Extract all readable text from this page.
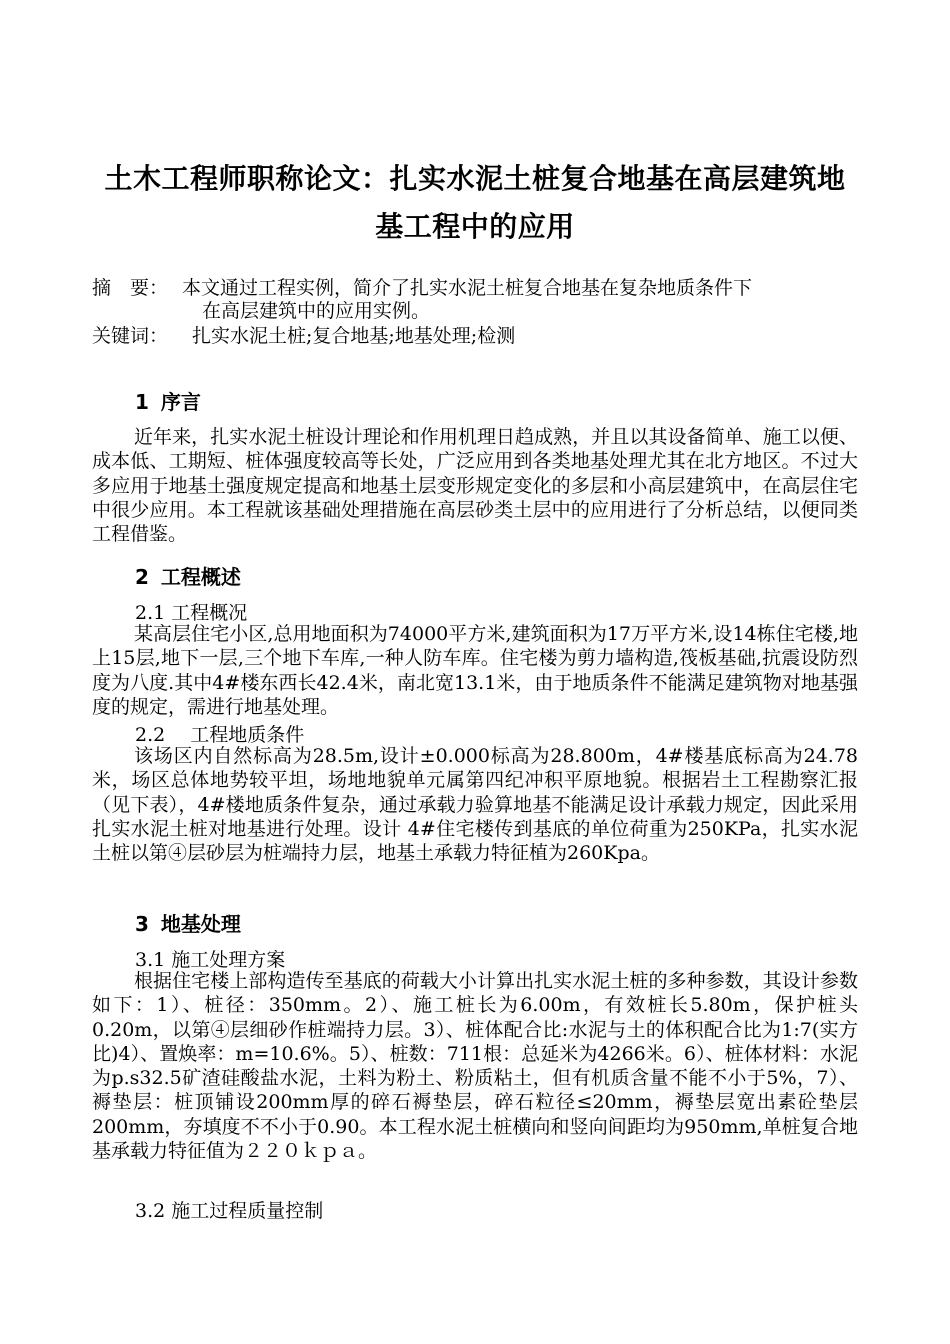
土木工程师职称论文：扎实水泥土桩复合地基在高层建筑地
基工程中的应用
摘　要： 本文通过工程实例，简介了扎实水泥土桩复合地基在复杂地质条件下
在高层建筑中的应用实例。
关键词： 扎实水泥土桩;复合地基;地基处理;检测
1 序言
近年来，扎实水泥土桩设计理论和作用机理日趋成熟，并且以其设备简单、施工以便、成本低、工期短、桩体强度较高等长处，广泛应用到各类地基处理尤其在北方地区。不过大多应用于地基土强度规定提高和地基土层变形规定变化的多层和小高层建筑中，在高层住宅中很少应用。本工程就该基础处理措施在高层砂类土层中的应用进行了分析总结，以便同类工程借鉴。
2 工程概述
2.1 工程概况
某高层住宅小区,总用地面积为74000平方米,建筑面积为17万平方米,设14栋住宅楼,地上15层,地下一层,三个地下车库,一种人防车库。住宅楼为剪力墙构造,筏板基础,抗震设防烈度为八度.其中4#楼东西长42.4米，南北宽13.1米，由于地质条件不能满足建筑物对地基强度的规定，需进行地基处理。
2.2　 工程地质条件
该场区内自然标高为28.5m,设计±0.000标高为28.800m，4#楼基底标高为24.78米，场区总体地势较平坦，场地地貌单元属第四纪冲积平原地貌。根据岩土工程勘察汇报（见下表），4#楼地质条件复杂，通过承载力验算地基不能满足设计承载力规定，因此采用扎实水泥土桩对地基进行处理。设计 4#住宅楼传到基底的单位荷重为250KPa，扎实水泥土桩以第④层砂层为桩端持力层，地基土承载力特征植为260Kpa。
3 地基处理
3.1 施工处理方案
根据住宅楼上部构造传至基底的荷载大小计算出扎实水泥土桩的多种参数，其设计参数如下：1）、桩径：350mm。2）、施工桩长为6.00m，有效桩长5.80m，保护桩头0.20m，以第④层细砂作桩端持力层。3）、桩体配合比:水泥与土的体积配合比为1:7(实方比)4）、置焕率：m=10.6%。5）、桩数：711根：总延米为4266米。6）、桩体材料：水泥为p.s32.5矿渣硅酸盐水泥，土料为粉土、粉质粘土，但有机质含量不能不小于5%，7）、褥垫层：桩顶铺设200mm厚的碎石褥垫层，碎石粒径≤20mm，褥垫层宽出素砼垫层200mm，夯填度不不小于0.90。本工程水泥土桩横向和竖向间距均为950mm,单桩复合地基承载力特征值为２２０ｋｐａ。
3.2 施工过程质量控制
